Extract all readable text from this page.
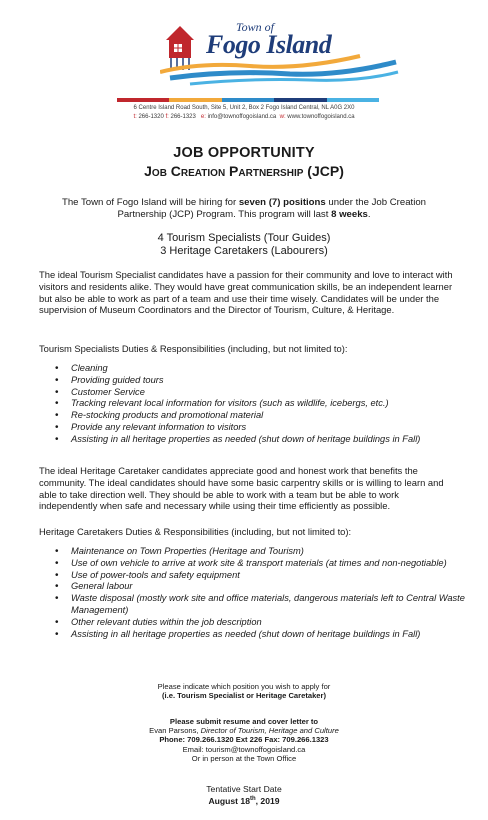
Town of
Fogo Island
6 Centre Island Road South, Site 5, Unit 2, Box 2 Fogo Island Central, NL A0G 2X0
t: 266-1320 f: 266-1323 e: info@townoffogoisland.ca w: www.townoffogoisland.ca
JOB OPPORTUNITY
Job Creation Partnership (JCP)
The Town of Fogo Island will be hiring for seven (7) positions under the Job Creation Partnership (JCP) Program. This program will last 8 weeks.
4 Tourism Specialists (Tour Guides)
3 Heritage Caretakers (Labourers)
The ideal Tourism Specialist candidates have a passion for their community and love to interact with visitors and residents alike. They would have great communication skills, be an independent learner but also be able to work as part of a team and use their time wisely. Candidates will be under the supervision of Museum Coordinators and the Director of Tourism, Culture, & Heritage.
Tourism Specialists Duties & Responsibilities (including, but not limited to):
• Cleaning
• Providing guided tours
• Customer Service
• Tracking relevant local information for visitors (such as wildlife, icebergs, etc.)
• Re-stocking products and promotional material
• Provide any relevant information to visitors
• Assisting in all heritage properties as needed (shut down of heritage buildings in Fall)
The ideal Heritage Caretaker candidates appreciate good and honest work that benefits the community. The ideal candidates should have some basic carpentry skills or is willing to learn and able to take direction well. They should be able to work with a team but be able to work independently when safe and necessary while using their time efficiently as possible.
Heritage Caretakers Duties & Responsibilities (including, but not limited to):
• Maintenance on Town Properties (Heritage and Tourism)
• Use of own vehicle to arrive at work site & transport materials (at times and non-negotiable)
• Use of power-tools and safety equipment
• General labour
• Waste disposal (mostly work site and office materials, dangerous materials left to Central Waste Management)
• Other relevant duties within the job description
• Assisting in all heritage properties as needed (shut down of heritage buildings in Fall)
Please indicate which position you wish to apply for
(i.e. Tourism Specialist or Heritage Caretaker)
Please submit resume and cover letter to
Evan Parsons, Director of Tourism, Heritage and Culture
Phone: 709.266.1320 Ext 226 Fax: 709.266.1323
Email: tourism@townoffogoisland.ca
Or in person at the Town Office
Tentative Start Date
August 18th, 2019
